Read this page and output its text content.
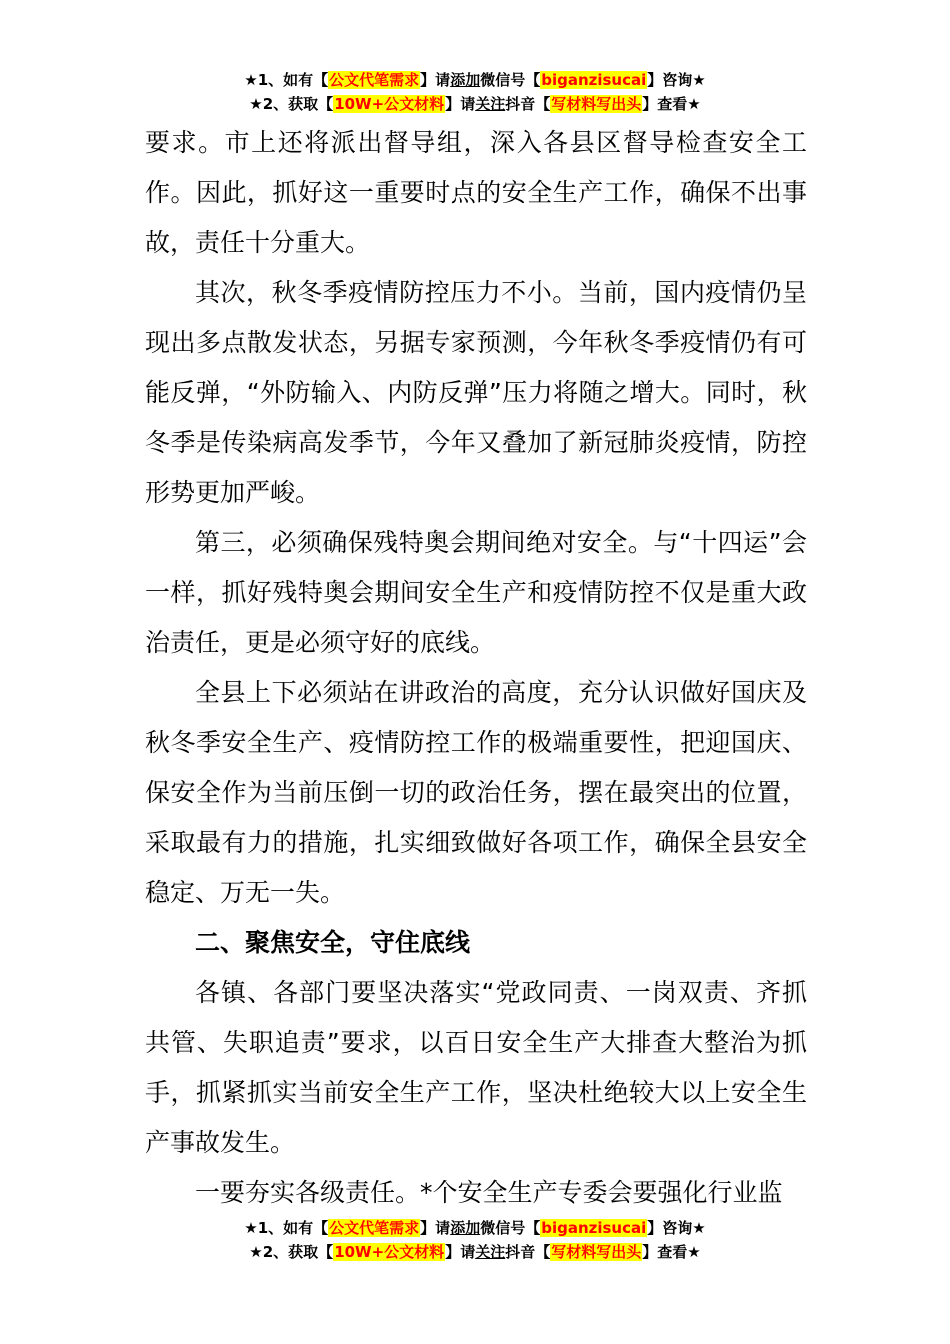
★1、如有【公文代笔需求】请添加微信号【biganzisucai】咨询★
★2、获取【10W+公文材料】请关注抖音【写材料写出头】查看★

要求。市上还将派出督导组，深入各县区督导检查安全工作。因此，抓好这一重要时点的安全生产工作，确保不出事故，责任十分重大。

其次，秋冬季疫情防控压力不小。当前，国内疫情仍呈现出多点散发状态，另据专家预测，今年秋冬季疫情仍有可能反弹，“外防输入、内防反弹”压力将随之增大。同时，秋冬季是传染病高发季节，今年又叠加了新冠肺炎疫情，防控形势更加严峻。

第三，必须确保残特奥会期间绝对安全。与“十四运”会一样，抓好残特奥会期间安全生产和疫情防控不仅是重大政治责任，更是必须守好的底线。

全县上下必须站在讲政治的高度，充分认识做好国庆及秋冬季安全生产、疫情防控工作的极端重要性，把迎国庆、保安全作为当前压倒一切的政治任务，摆在最突出的位置，采取最有力的措施，扎实细致做好各项工作，确保全县安全稳定、万无一失。

二、聚焦安全，守住底线

各镇、各部门要坚决落实“党政同责、一岗双责、齐抓共管、失职追责”要求，以百日安全生产大排查大整治为抓手，抓紧抓实当前安全生产工作，坚决杜绝较大以上安全生产事故发生。

一要夯实各级责任。*个安全生产专委会要强化行业监

★1、如有【公文代笔需求】请添加微信号【biganzisucai】咨询★
★2、获取【10W+公文材料】请关注抖音【写材料写出头】查看★
